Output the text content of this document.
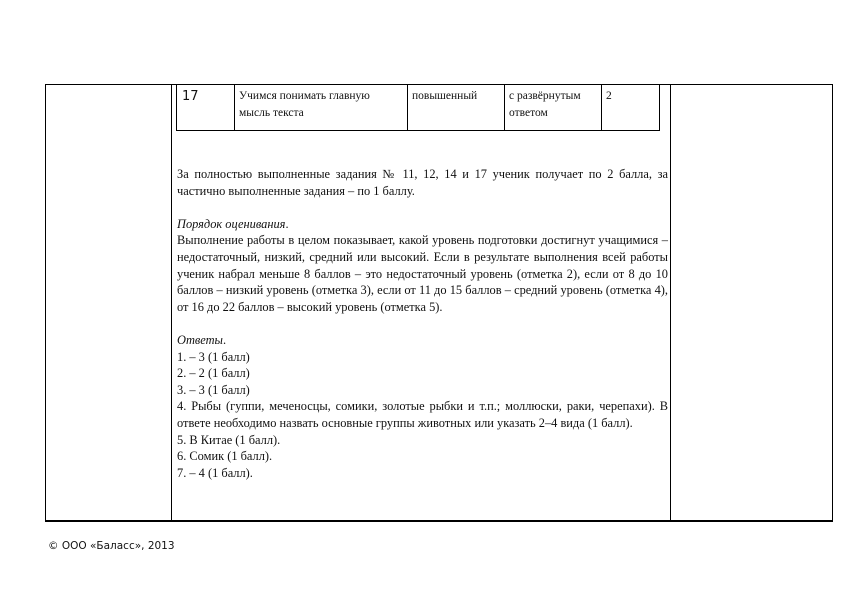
17	Учимся понимать главную мысль текста
повышенный	с развёрнутым ответом
2

За полностью выполненные задания № 11, 12, 14 и 17 ученик получает по 2 балла, за частично выполненные задания – по 1 баллу.

Порядок оценивания.

Выполнение работы в целом показывает, какой уровень подготовки достигнут учащимися – недостаточный, низкий, средний или высокий. Если в результате выполнения всей работы ученик набрал меньше 8 баллов – это недостаточный уровень (отметка 2), если от 8 до 10 баллов – низкий уровень (отметка 3), если от 11 до 15 баллов – средний уровень (отметка 4), от 16 до 22 баллов – высокий уровень (отметка 5).

Ответы.

1. – 3 (1 балл)

2. – 2 (1 балл)

3. – 3 (1 балл)

4. Рыбы (гуппи, меченосцы, сомики, золотые рыбки и т.п.; моллюски, раки, черепахи). В ответе необходимо назвать основные группы животных или указать 2–4 вида (1 балл).

5. В Китае (1 балл).

6. Сомик (1 балл).

7. – 4 (1 балл).

© ООО «Баласс», 2013
